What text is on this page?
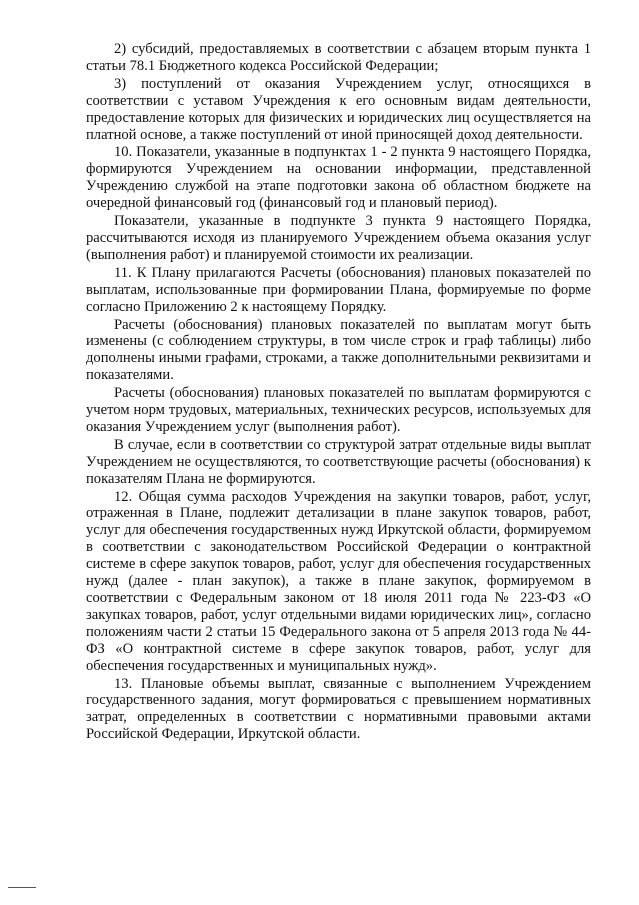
2) субсидий, предоставляемых в соответствии с абзацем вторым пункта 1 статьи 78.1 Бюджетного кодекса Российской Федерации;

3) поступлений от оказания Учреждением услуг, относящихся в соответствии с уставом Учреждения к его основным видам деятельности, предоставление которых для физических и юридических лиц осуществляется на платной основе, а также поступлений от иной приносящей доход деятельности.

10. Показатели, указанные в подпунктах 1 - 2 пункта 9 настоящего Порядка, формируются Учреждением на основании информации, представленной Учреждению службой на этапе подготовки закона об областном бюджете на очередной финансовый год (финансовый год и плановый период).

Показатели, указанные в подпункте 3 пункта 9 настоящего Порядка, рассчитываются исходя из планируемого Учреждением объема оказания услуг (выполнения работ) и планируемой стоимости их реализации.

11. К Плану прилагаются Расчеты (обоснования) плановых показателей по выплатам, использованные при формировании Плана, формируемые по форме согласно Приложению 2 к настоящему Порядку.

Расчеты (обоснования) плановых показателей по выплатам могут быть изменены (с соблюдением структуры, в том числе строк и граф таблицы) либо дополнены иными графами, строками, а также дополнительными реквизитами и показателями.

Расчеты (обоснования) плановых показателей по выплатам формируются с учетом норм трудовых, материальных, технических ресурсов, используемых для оказания Учреждением услуг (выполнения работ).

В случае, если в соответствии со структурой затрат отдельные виды выплат Учреждением не осуществляются, то соответствующие расчеты (обоснования) к показателям Плана не формируются.

12. Общая сумма расходов Учреждения на закупки товаров, работ, услуг, отраженная в Плане, подлежит детализации в плане закупок товаров, работ, услуг для обеспечения государственных нужд Иркутской области, формируемом в соответствии с законодательством Российской Федерации о контрактной системе в сфере закупок товаров, работ, услуг для обеспечения государственных нужд (далее - план закупок), а также в плане закупок, формируемом в соответствии с Федеральным законом от 18 июля 2011 года № 223-ФЗ «О закупках товаров, работ, услуг отдельными видами юридических лиц», согласно положениям части 2 статьи 15 Федерального закона от 5 апреля 2013 года № 44-ФЗ «О контрактной системе в сфере закупок товаров, работ, услуг для обеспечения государственных и муниципальных нужд».

13. Плановые объемы выплат, связанные с выполнением Учреждением государственного задания, могут формироваться с превышением нормативных затрат, определенных в соответствии с нормативными правовыми актами Российской Федерации, Иркутской области.
